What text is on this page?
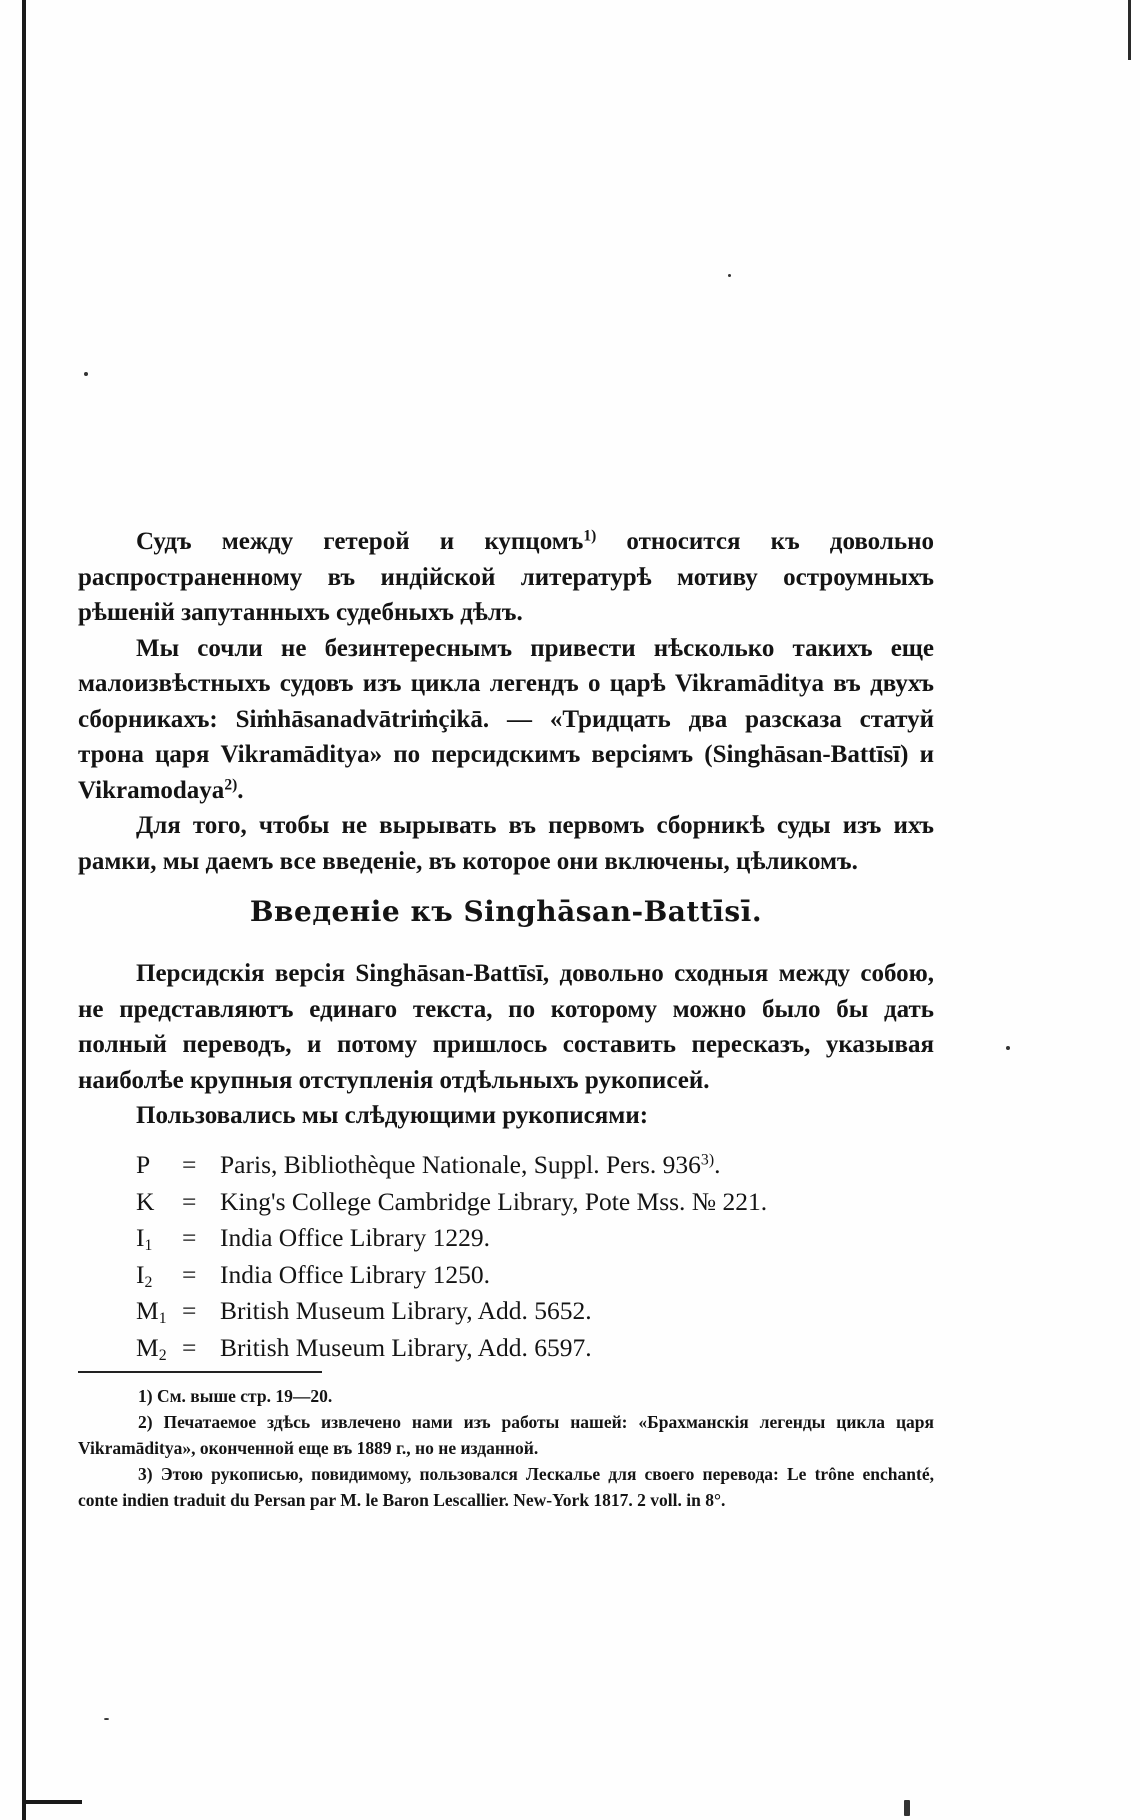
Судъ между гетерой и купцомъ$^{1)}$ относится къ довольно распространенному въ индійской литературѣ мотиву остроумныхъ рѣшеній запутанныхъ судебныхъ дѣлъ.

Мы сочли не безинтереснымъ привести нѣсколько такихъ еще малоизвѣстныхъ судовъ изъ цикла легендъ о царѣ Vikramāditya въ двухъ сборникахъ: Siṁhāsanadvātriṁçikā. — «Тридцать два разсказа статуй трона царя Vikramāditya» по персидскимъ версіямъ (Singhāsan-Battīsī) и Vikramodaya$^{2)}$.

Для того, чтобы не вырывать въ первомъ сборникѣ суды изъ ихъ рамки, мы даемъ все введеніе, въ которое они включены, цѣликомъ.

Введеніе къ Singhāsan-Battīsī.

Персидскія версія Singhāsan-Battīsī, довольно сходныя между собою, не представляютъ единаго текста, по которому можно было бы дать полный переводъ, и потому пришлось составить пересказъ, указывая наиболѣе крупныя отступленія отдѣльныхъ рукописей.

Пользовались мы слѣдующими рукописями:

P	= Paris, Bibliothèque Nationale, Suppl. Pers. 936$^{3)}$.
K	= King's College Cambridge Library, Pote Mss. № 221.
$I_1$	= India Office Library 1229.
$I_2$	= India Office Library 1250.
$M_1$ = British Museum Library, Add. 5652.
$M_2$ = British Museum Library, Add. 6597.

1) См. выше стр. 19—20.

2) Печатаемое здѣсь извлечено нами изъ работы нашей: «Брахманскія легенды цикла царя Vikramāditya», оконченной еще въ 1889 г., но не изданной.

3) Этою рукописью, повидимому, пользовался Лескалье для своего перевода: Le trône enchanté, conte indien traduit du Persan par M. le Baron Lescallier. New-York 1817. 2 voll. in 8°.
